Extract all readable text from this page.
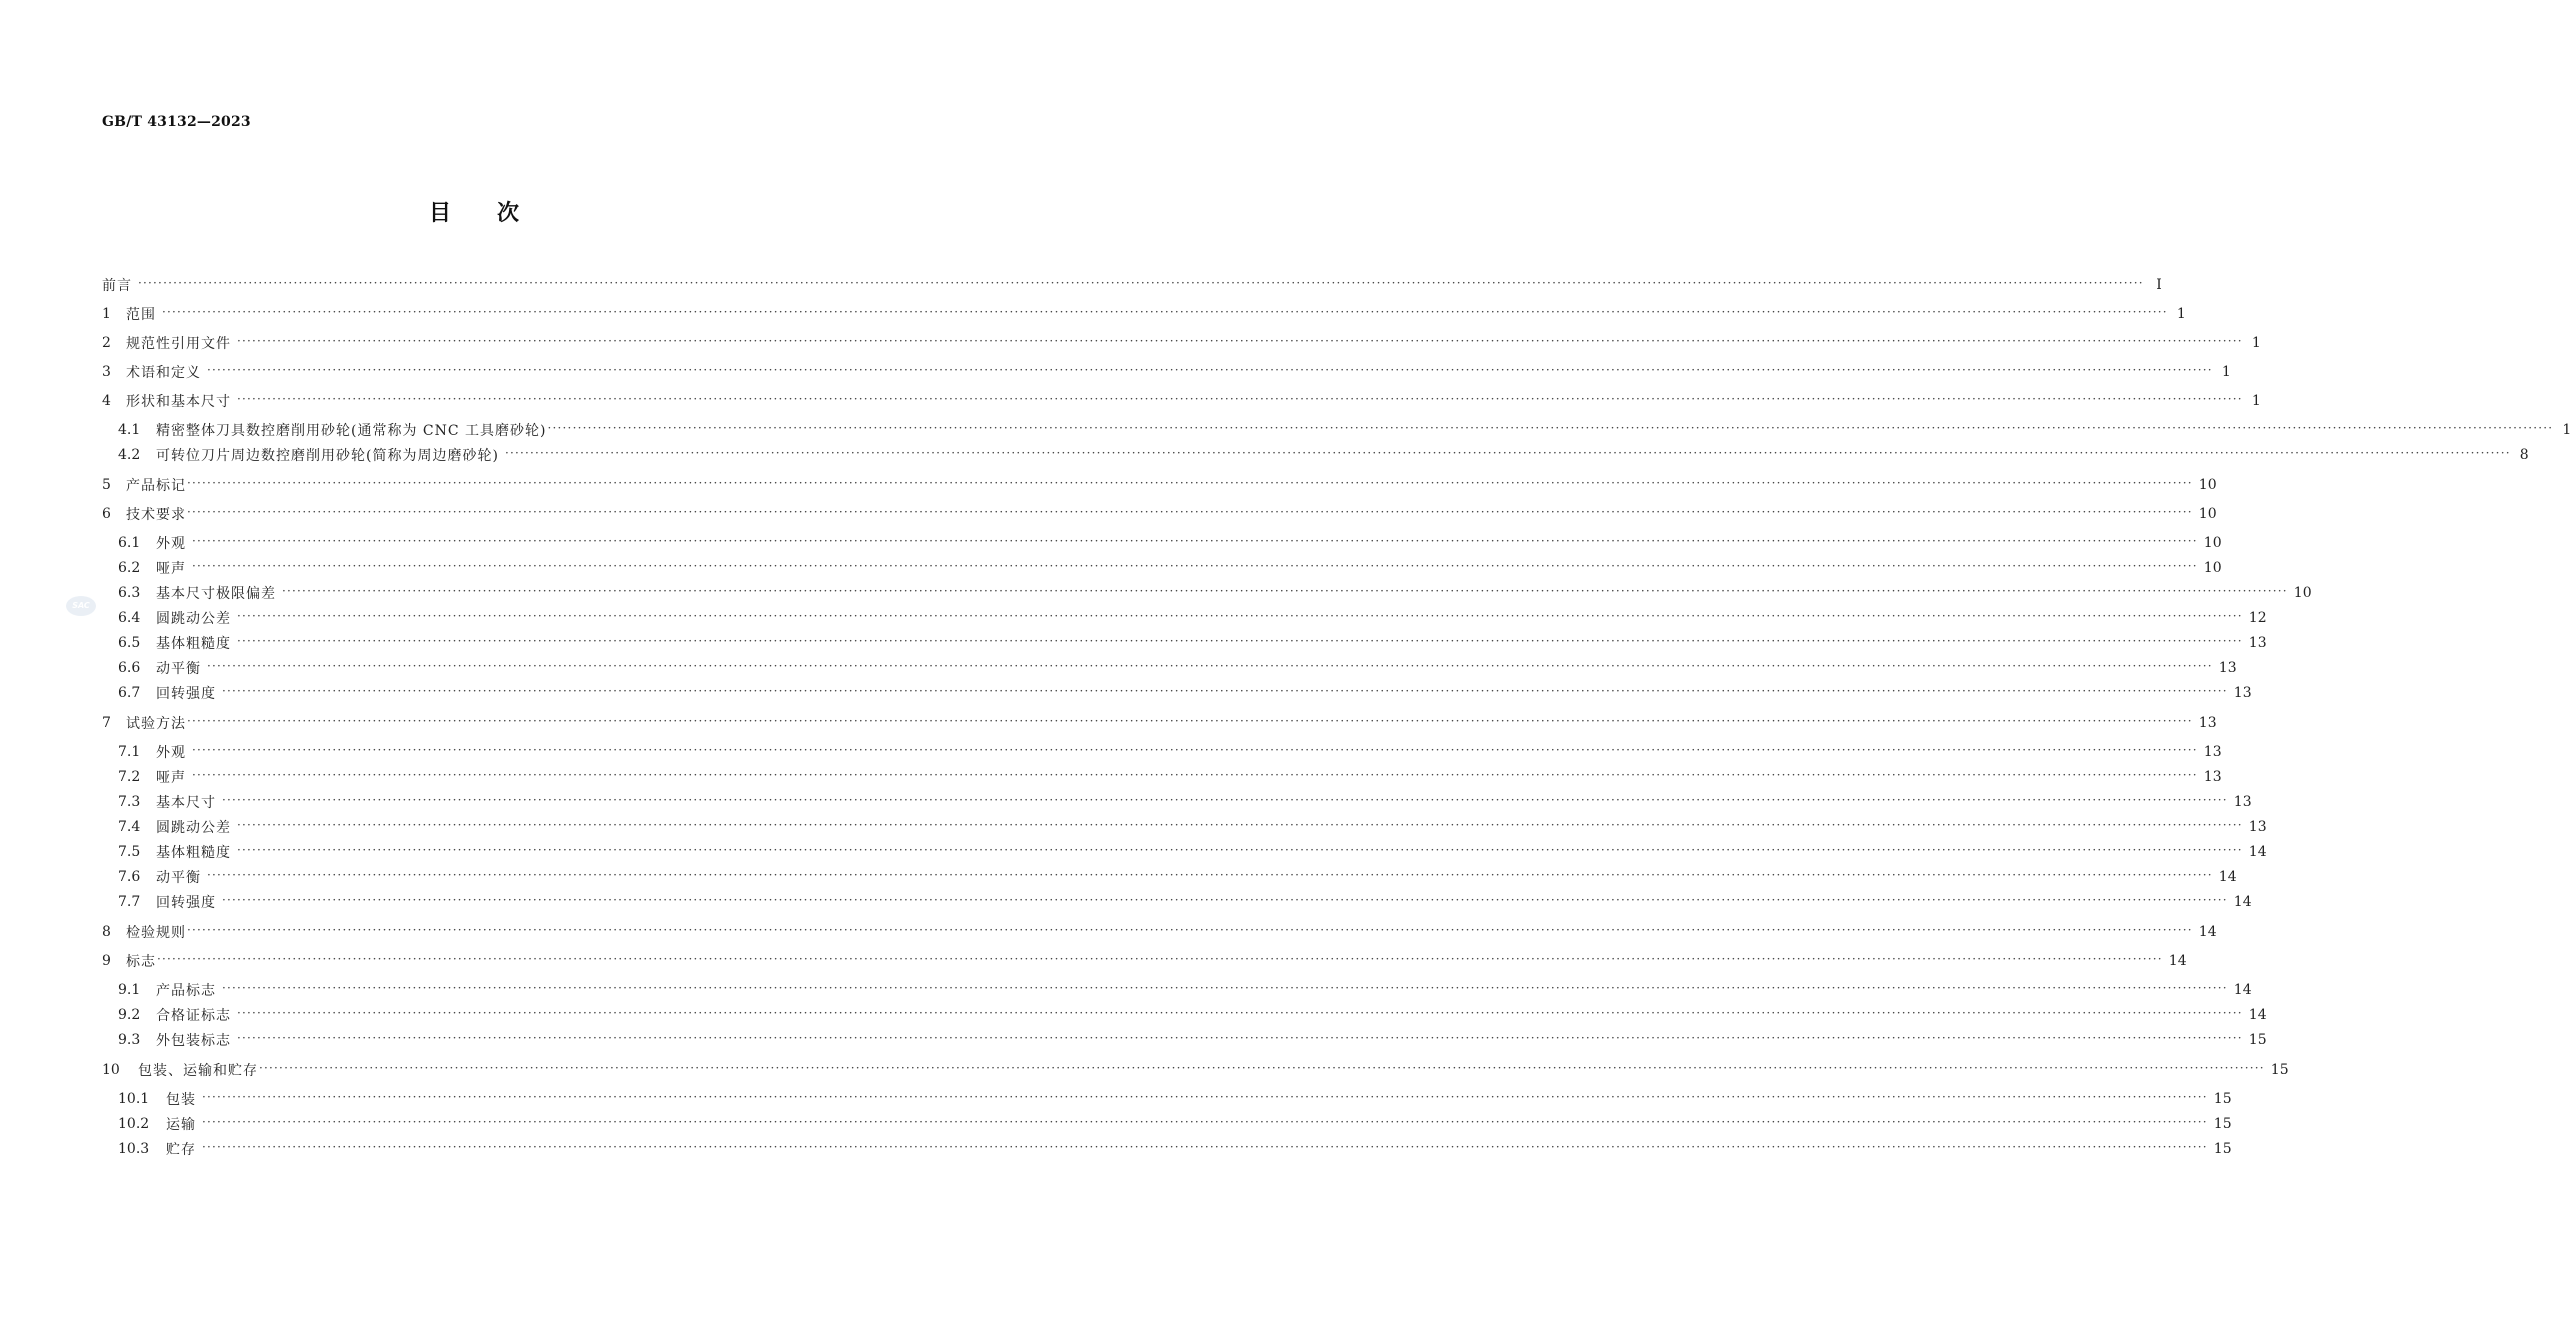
GB/T 43132—2023
目 次
SAC
前言 ················································································································································································································································································································································································································ Ⅰ
1	范围 ················································································································································································································································································································································································································ 1
2	规范性引用文件 ················································································································································································································································································································································································································ 1
3	术语和定义 ················································································································································································································································································································································································································ 1
4	形状和基本尺寸 ················································································································································································································································································································································································································ 1
4.1	精密整体刀具数控磨削用砂轮(通常称为 CNC 工具磨砂轮) ················································································································································································································································································································································································································ 1
4.2	可转位刀片周边数控磨削用砂轮(简称为周边磨砂轮) ················································································································································································································································································································································································································ 8
5	产品标记 ················································································································································································································································································································································································································ 10
6	技术要求 ················································································································································································································································································································································································································ 10
6.1	外观 ················································································································································································································································································································································································································ 10
6.2	哑声 ················································································································································································································································································································································································································ 10
6.3	基本尺寸极限偏差 ················································································································································································································································································································································································································ 10
6.4	圆跳动公差 ················································································································································································································································································································································································································ 12
6.5	基体粗糙度 ················································································································································································································································································································································································································ 13
6.6	动平衡 ················································································································································································································································································································································································································ 13
6.7	回转强度 ················································································································································································································································································································································································································ 13
7	试验方法 ················································································································································································································································································································································································································ 13
7.1	外观 ················································································································································································································································································································································································································ 13
7.2	哑声 ················································································································································································································································································································································································································ 13
7.3	基本尺寸 ················································································································································································································································································································································································································ 13
7.4	圆跳动公差 ················································································································································································································································································································································································································ 13
7.5	基体粗糙度 ················································································································································································································································································································································································································ 14
7.6	动平衡 ················································································································································································································································································································································································································ 14
7.7	回转强度 ················································································································································································································································································································································································································ 14
8	检验规则 ················································································································································································································································································································································································································ 14
9	标志 ················································································································································································································································································································································································································ 14
9.1	产品标志 ················································································································································································································································································································································································································ 14
9.2	合格证标志 ················································································································································································································································································································································································································ 14
9.3	外包装标志 ················································································································································································································································································································································································································ 15
10	包装、运输和贮存 ················································································································································································································································································································································································································ 15
10.1	包装 ················································································································································································································································································································································································································ 15
10.2	运输 ················································································································································································································································································································································································································ 15
10.3	贮存 ················································································································································································································································································································································································································ 15
